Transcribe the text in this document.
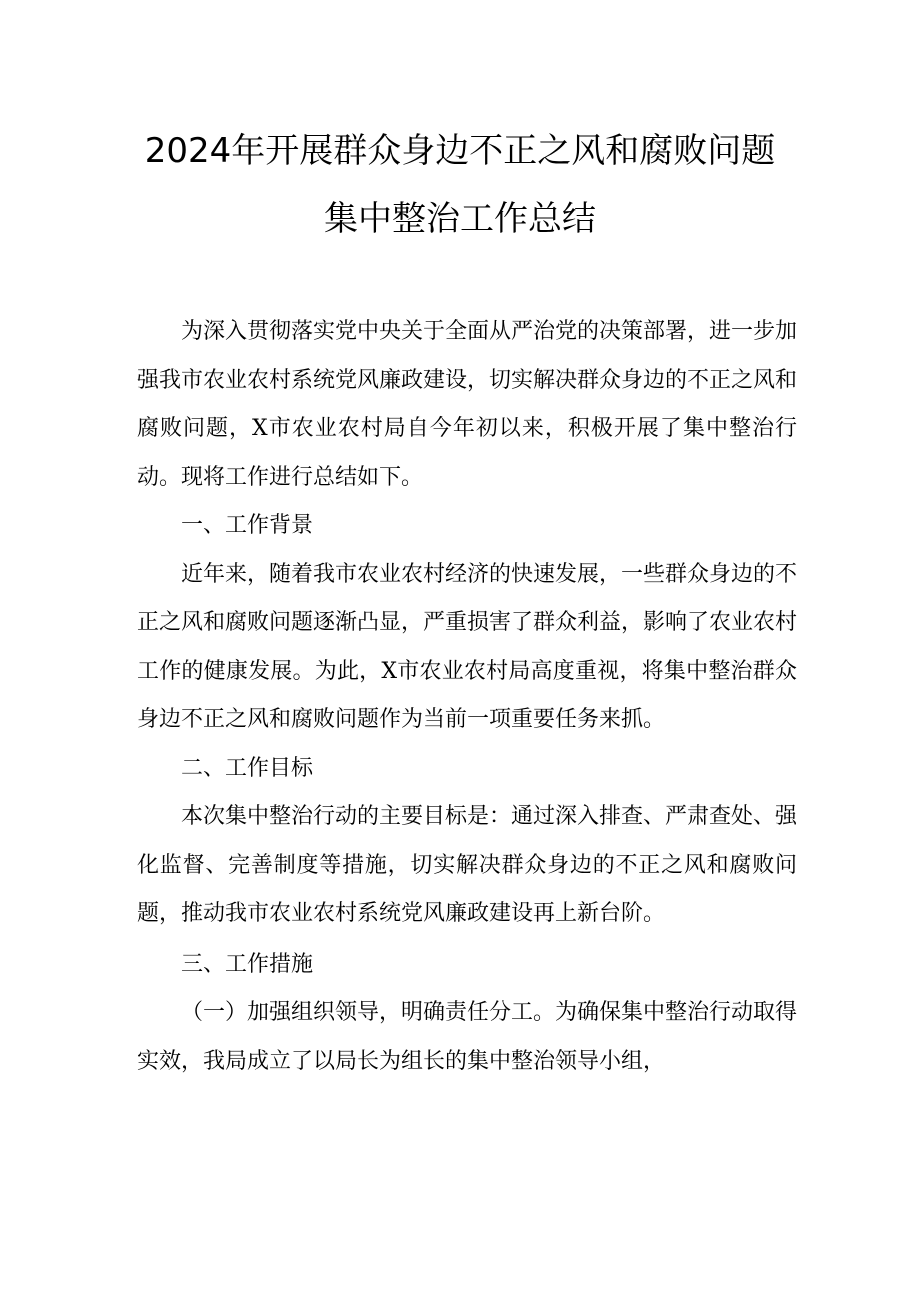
2024年开展群众身边不正之风和腐败问题
集中整治工作总结

为深入贯彻落实党中央关于全面从严治党的决策部署，进一步加强我市农业农村系统党风廉政建设，切实解决群众身边的不正之风和腐败问题，X市农业农村局自今年初以来，积极开展了集中整治行动。现将工作进行总结如下。

一、工作背景

近年来，随着我市农业农村经济的快速发展，一些群众身边的不正之风和腐败问题逐渐凸显，严重损害了群众利益，影响了农业农村工作的健康发展。为此，X市农业农村局高度重视，将集中整治群众身边不正之风和腐败问题作为当前一项重要任务来抓。

二、工作目标

本次集中整治行动的主要目标是：通过深入排查、严肃查处、强化监督、完善制度等措施，切实解决群众身边的不正之风和腐败问题，推动我市农业农村系统党风廉政建设再上新台阶。

三、工作措施

（一）加强组织领导，明确责任分工。为确保集中整治行动取得实效，我局成立了以局长为组长的集中整治领导小组，
